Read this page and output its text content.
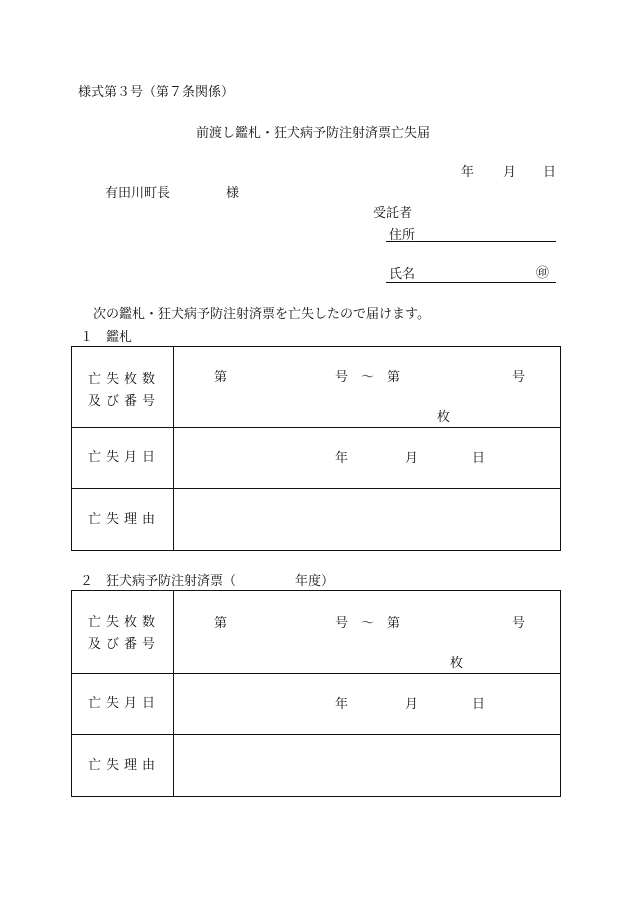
様式第３号（第７条関係）
前渡し鑑札・狂犬病予防注射済票亡失届
年 月 日
有田川町長	様
受託者
住所
氏名	㊞
次の鑑札・狂犬病予防注射済票を亡失したので届けます。
１　鑑札
亡失枚数
及び番号	第 号　～　第 号
枚

亡失月日	年 月 日

亡失理由	

２　狂犬病予防注射済票（	年度）
亡失枚数
及び番号	第 号　～　第 号
枚

亡失月日	年 月 日

亡失理由	
